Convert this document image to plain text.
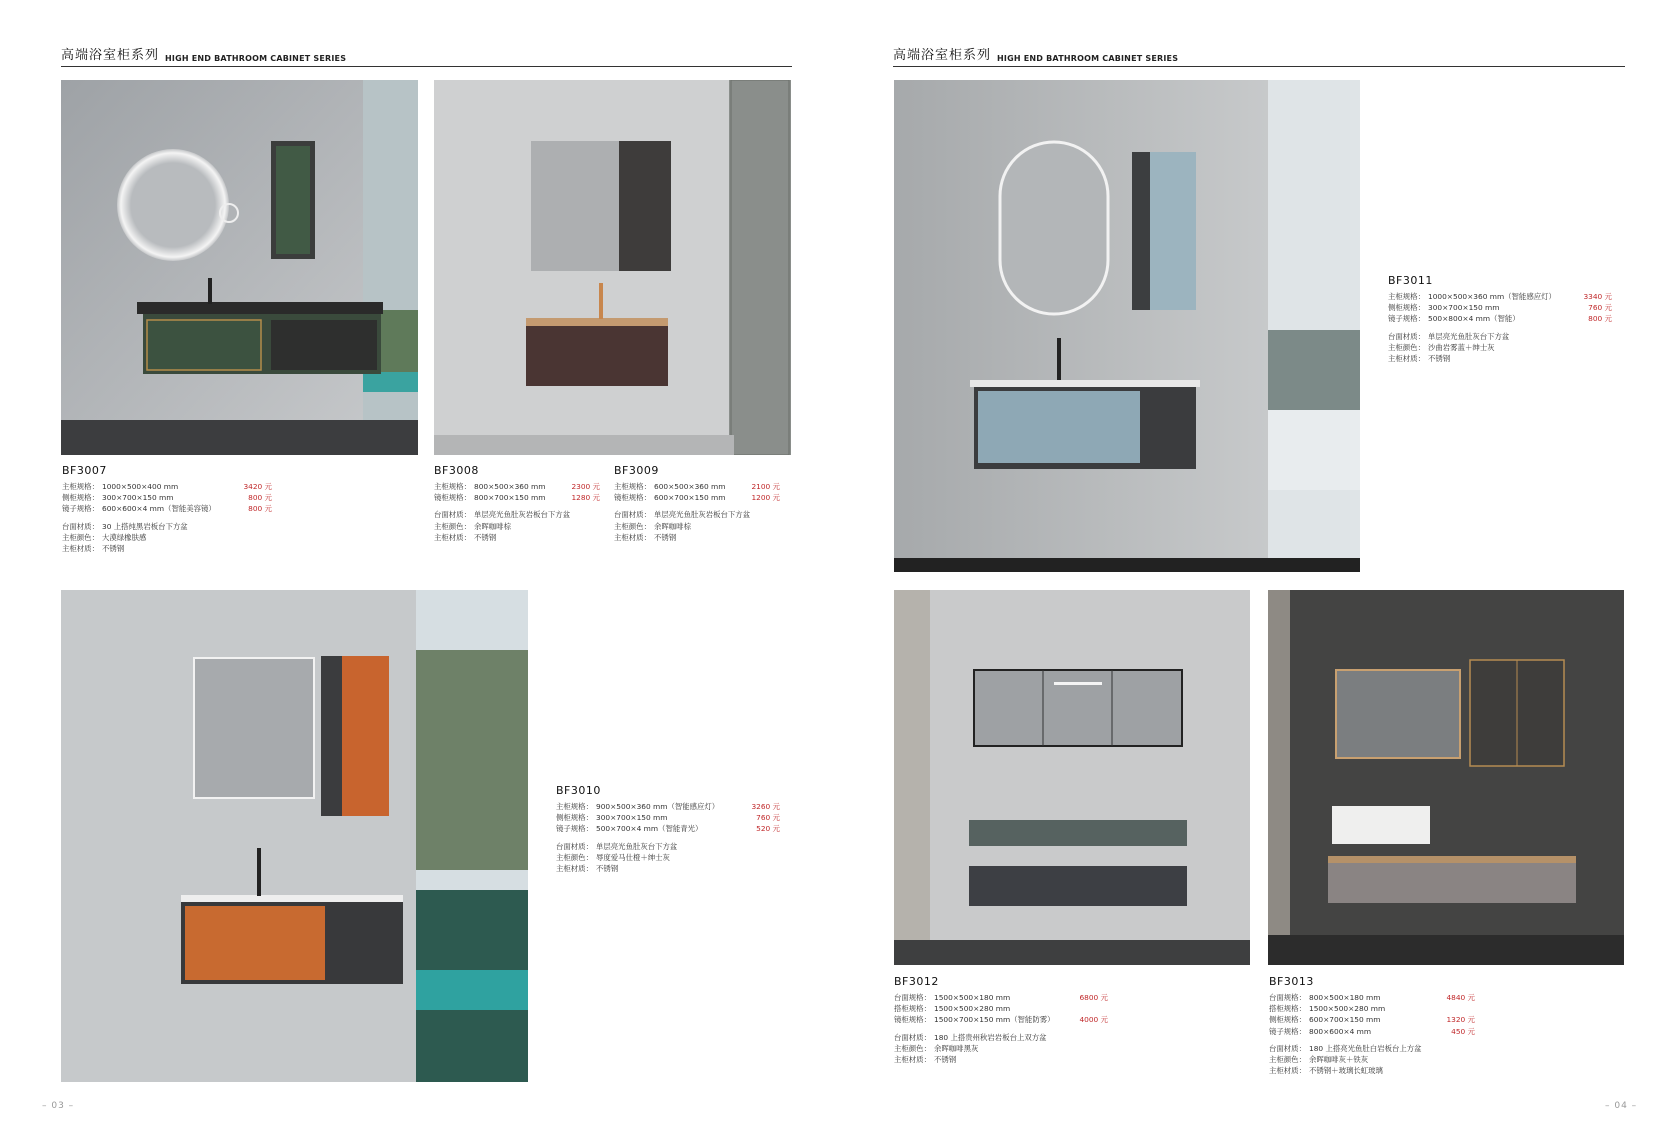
高端浴室柜系列 HIGH END BATHROOM CABINET SERIES	高端浴室柜系列 HIGH END BATHROOM CABINET SERIES
BF3007
主柜规格： 1000×500×400 mm	3420 元
侧柜规格： 300×700×150 mm	800 元
镜子规格： 600×600×4 mm（智能美容镜）	800 元
台面材质： 30 上搭纯黑岩板台下方盆
主柜颜色： 大漠绿橡肤感
主柜材质： 不锈钢
BF3008
主柜规格： 800×500×360 mm	2300 元
镜柜规格： 800×700×150 mm	1280 元
台面材质： 单层亮光鱼肚灰岩板台下方盆
主柜颜色： 余晖咖啡棕
主柜材质： 不锈钢
BF3009
主柜规格： 600×500×360 mm	2100 元
镜柜规格： 600×700×150 mm	1200 元
台面材质： 单层亮光鱼肚灰岩板台下方盆
主柜颜色： 余晖咖啡棕
主柜材质： 不锈钢
BF3011
主柜规格： 1000×500×360 mm（智能感应灯）	3340 元
侧柜规格： 300×700×150 mm	760 元
镜子规格： 500×800×4 mm（智能）	800 元
台面材质： 单层亮光鱼肚灰台下方盆
主柜颜色： 沙曲岩雾蓝＋绅士灰
主柜材质： 不锈钢
BF3010
主柜规格： 900×500×360 mm（智能感应灯）	3260 元
侧柜规格： 300×700×150 mm	760 元
镜子规格： 500×700×4 mm（智能青光）	520 元
台面材质： 单层亮光鱼肚灰台下方盆
主柜颜色： 辱度爱马仕橙＋绅士灰
主柜材质： 不锈钢
BF3012
台面规格： 1500×500×180 mm	6800 元
搭柜规格： 1500×500×280 mm
镜柜规格： 1500×700×150 mm（智能防雾）	4000 元
台面材质： 180 上搭贵州秋岩岩板台上双方盆
主柜颜色： 余晖咖啡黑灰
主柜材质： 不锈钢
BF3013
台面规格： 800×500×180 mm	4840 元
搭柜规格： 1500×500×280 mm
侧柜规格： 600×700×150 mm	1320 元
镜子规格： 800×600×4 mm	450 元
台面材质： 180 上搭亮光鱼肚白岩板台上方盆
主柜颜色： 余晖咖啡灰＋铁灰
主柜材质： 不锈钢＋玻璃长虹玻璃
– 03 –	– 04 –
